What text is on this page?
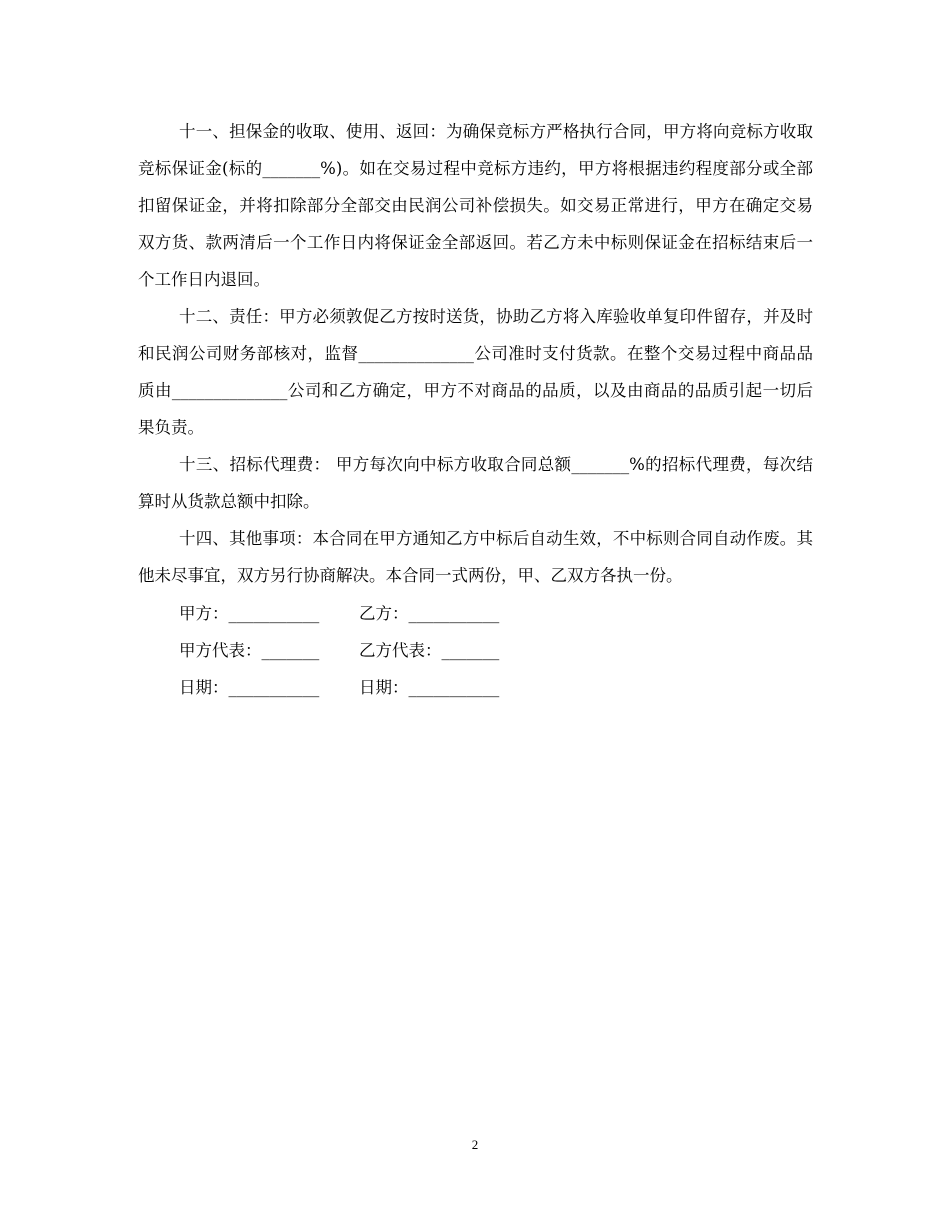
十一、担保金的收取、使用、返回：为确保竞标方严格执行合同，甲方将向竞标方收取竞标保证金(标的_______%)。如在交易过程中竞标方违约，甲方将根据违约程度部分或全部扣留保证金，并将扣除部分全部交由民润公司补偿损失。如交易正常进行，甲方在确定交易双方货、款两清后一个工作日内将保证金全部返回。若乙方未中标则保证金在招标结束后一个工作日内退回。

十二、责任：甲方必须敦促乙方按时送货，协助乙方将入库验收单复印件留存，并及时和民润公司财务部核对，监督______________公司准时支付货款。在整个交易过程中商品品质由______________公司和乙方确定，甲方不对商品的品质，以及由商品的品质引起一切后果负责。

十三、招标代理费： 甲方每次向中标方收取合同总额_______%的招标代理费，每次结算时从货款总额中扣除。

十四、其他事项：本合同在甲方通知乙方中标后自动生效，不中标则合同自动作废。其他未尽事宜，双方另行协商解决。本合同一式两份，甲、乙双方各执一份。

甲方：___________ 乙方：___________
甲方代表：_______ 乙方代表：_______
日期：___________ 日期：___________
2
